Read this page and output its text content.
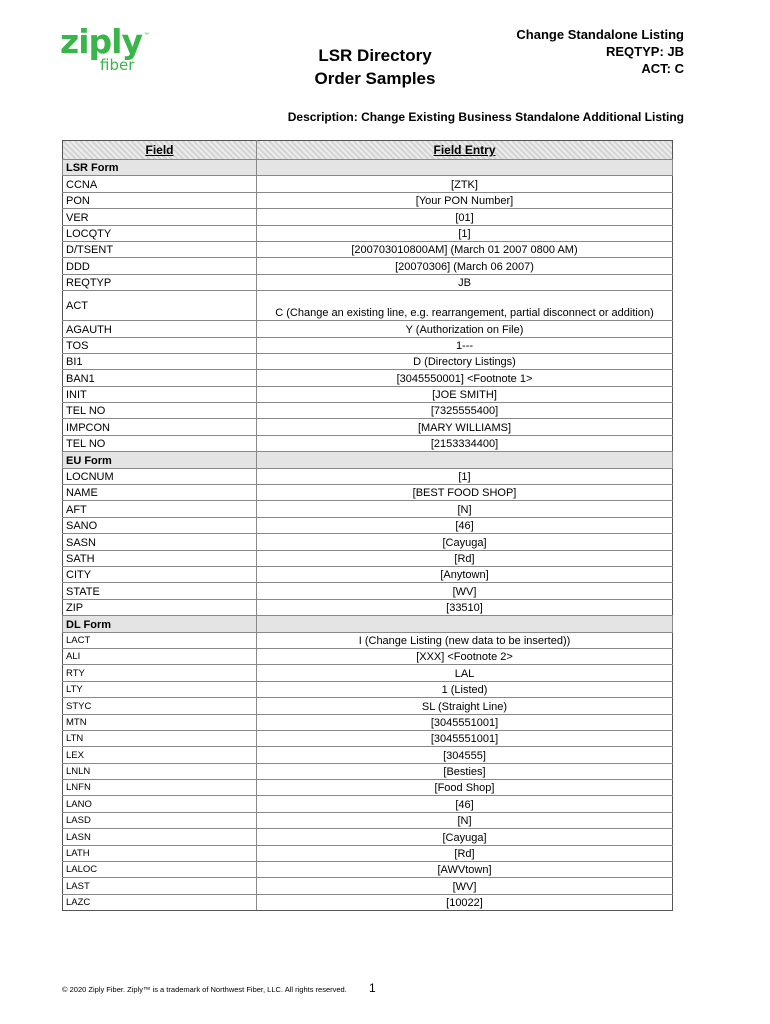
ziply ™
fiber	LSR Directory
Order Samples
Change Standalone Listing
REQTYP: JB
ACT: C
Description: Change Existing Business Standalone Additional Listing
Field	Field Entry
LSR Form	
CCNA	[ZTK]
PON	[Your PON Number]
VER	[01]
LOCQTY	[1]
D/TSENT	[200703010800AM] (March 01 2007 0800 AM)
DDD	[20070306] (March 06 2007)
REQTYP	JB
ACT	C (Change an existing line, e.g. rearrangement, partial disconnect or addition)
AGAUTH	Y (Authorization on File)
TOS	1---
BI1	D (Directory Listings)
BAN1	[3045550001] <Footnote 1>
INIT	[JOE SMITH]
TEL NO	[7325555400]
IMPCON	[MARY WILLIAMS]
TEL NO	[2153334400]
EU Form	
LOCNUM	[1]
NAME	[BEST FOOD SHOP]
AFT	[N]
SANO	[46]
SASN	[Cayuga]
SATH	[Rd]
CITY	[Anytown]
STATE	[WV]
ZIP	[33510]
DL Form	
LACT	I (Change Listing (new data to be inserted))
ALI	[XXX] <Footnote 2>
RTY	LAL
LTY	1 (Listed)
STYC	SL (Straight Line)
MTN	[3045551001]
LTN	[3045551001]
LEX	[304555]
LNLN	[Besties]
LNFN	[Food Shop]
LANO	[46]
LASD	[N]
LASN	[Cayuga]
LATH	[Rd]
LALOC	[AWVtown]
LAST	[WV]
LAZC	[10022]
© 2020 Ziply Fiber. Ziply™ is a trademark of Northwest Fiber, LLC. All rights reserved. 1
